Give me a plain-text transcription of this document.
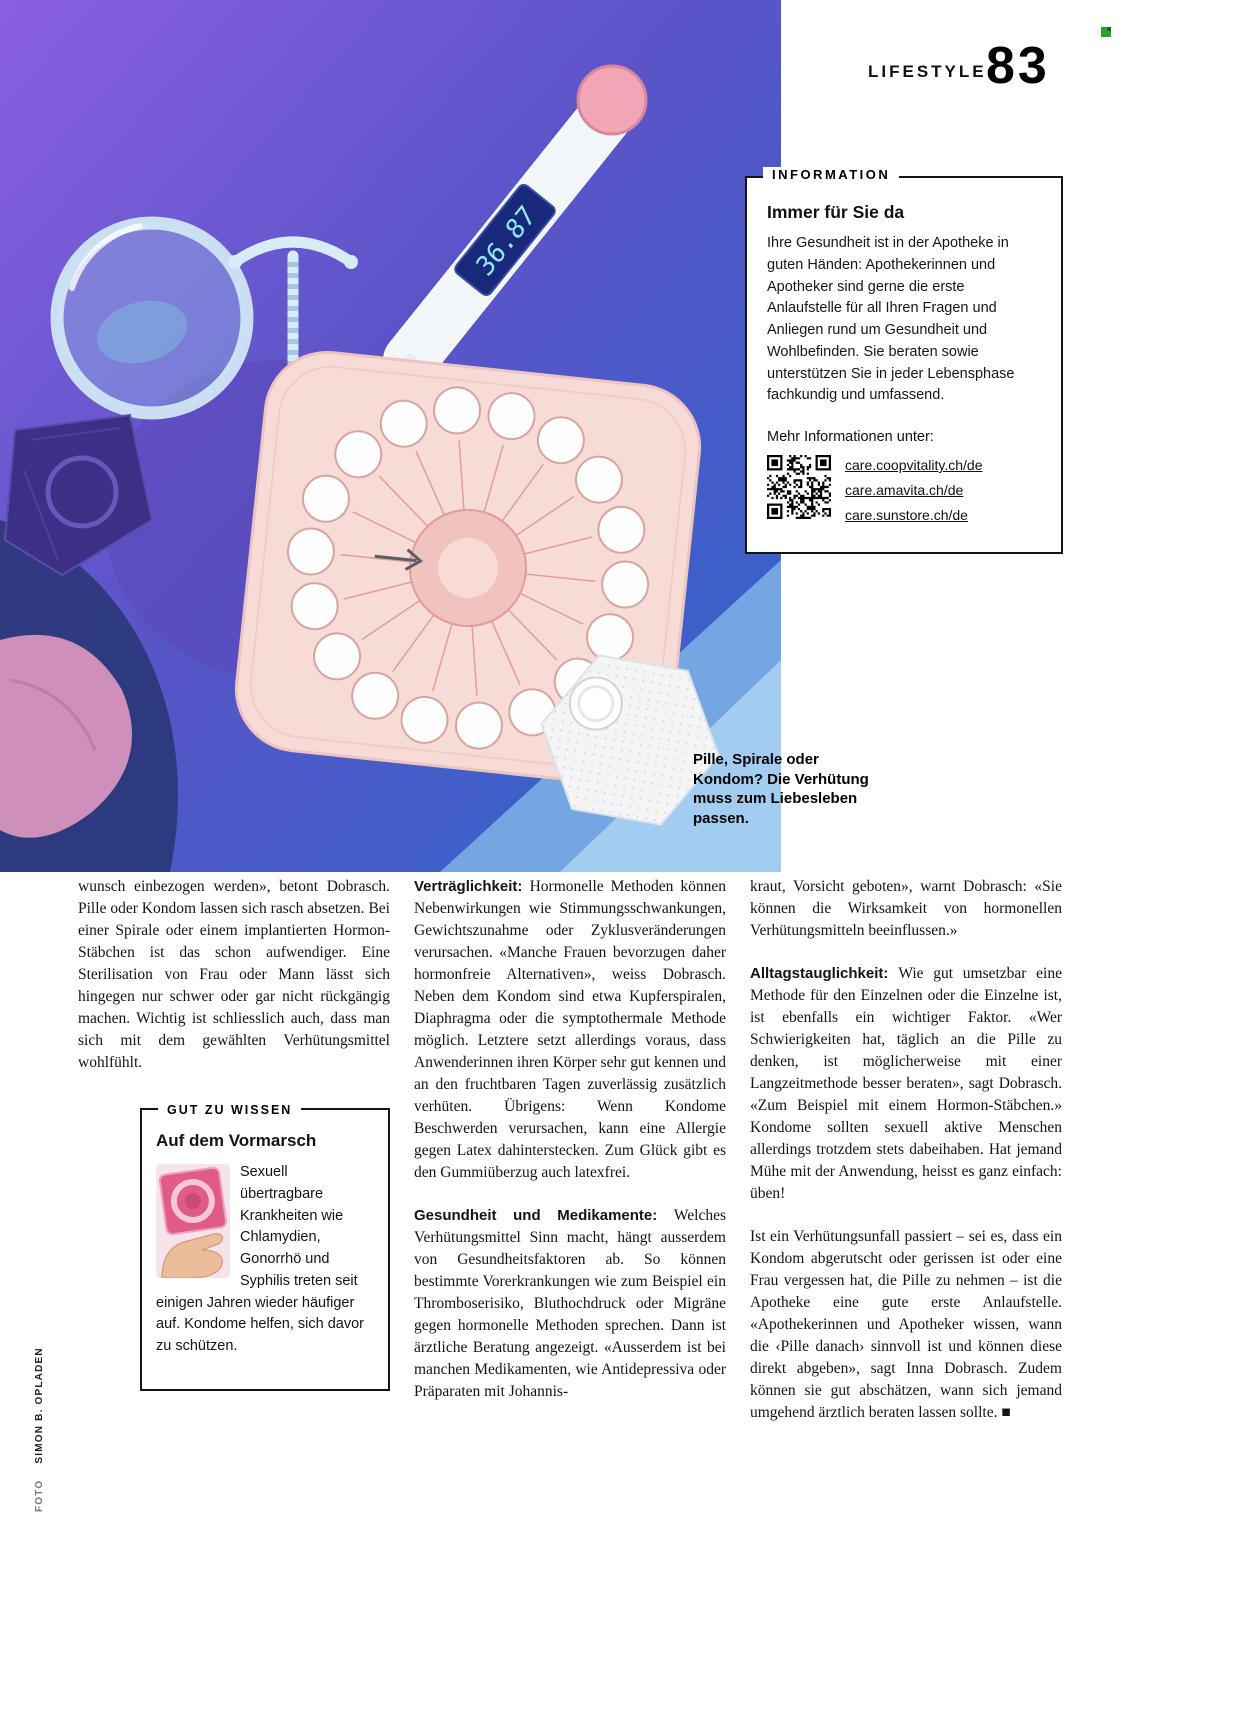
LIFESTYLE 83
36.87
Pille, Spirale oder Kondom? Die Verhütung muss zum Liebesleben passen.
INFORMATION
Immer für Sie da

Ihre Gesundheit ist in der Apotheke in guten Händen: Apothekerinnen und Apotheker sind gerne die erste Anlaufstelle für all Ihren Fragen und Anliegen rund um Gesundheit und Wohlbefinden. Sie beraten sowie unterstützen Sie in jeder Lebensphase fachkundig und umfassend.

Mehr Informationen unter:

care.coopvitality.ch/de
care.amavita.ch/de
care.sunstore.ch/de

wunsch einbezogen werden», betont Dobrasch. Pille oder Kondom lassen sich rasch absetzen. Bei einer Spirale oder einem implantierten Hormon-Stäbchen ist das schon aufwendiger. Eine Sterilisation von Frau oder Mann lässt sich hingegen nur schwer oder gar nicht rückgängig machen. Wichtig ist schliesslich auch, dass man sich mit dem gewählten Verhütungsmittel wohlfühlt.

GUT ZU WISSEN
Auf dem Vormarsch

Sexuell übertragbare Krankheiten wie Chlamydien, Gonorrhö und Syphilis treten seit einigen Jahren wieder häufiger auf. Kondome helfen, sich davor zu schützen.

Verträglichkeit: Hormonelle Methoden können Nebenwirkungen wie Stimmungsschwankungen, Gewichtszunahme oder Zyklusveränderungen verursachen. «Manche Frauen bevorzugen daher hormonfreie Alternativen», weiss Dobrasch. Neben dem Kondom sind etwa Kupferspiralen, Diaphragma oder die symptothermale Methode möglich. Letztere setzt allerdings voraus, dass Anwenderinnen ihren Körper sehr gut kennen und an den fruchtbaren Tagen zuverlässig zusätzlich verhüten. Übrigens: Wenn Kondome Beschwerden verursachen, kann eine Allergie gegen Latex dahinterstecken. Zum Glück gibt es den Gummiüberzug auch latexfrei.

Gesundheit und Medikamente: Welches Verhütungsmittel Sinn macht, hängt ausserdem von Gesundheitsfaktoren ab. So können bestimmte Vorerkrankungen wie zum Beispiel ein Thromboserisiko, Bluthochdruck oder Migräne gegen hormonelle Methoden sprechen. Dann ist ärztliche Beratung angezeigt. «Ausserdem ist bei manchen Medikamenten, wie Antidepressiva oder Präparaten mit Johannis-

kraut, Vorsicht geboten», warnt Dobrasch: «Sie können die Wirksamkeit von hormonellen Verhütungsmitteln beeinflussen.»

Alltagstauglichkeit: Wie gut umsetzbar eine Methode für den Einzelnen oder die Einzelne ist, ist ebenfalls ein wichtiger Faktor. «Wer Schwierigkeiten hat, täglich an die Pille zu denken, ist möglicherweise mit einer Langzeitmethode besser beraten», sagt Dobrasch. «Zum Beispiel mit einem Hormon-Stäbchen.» Kondome sollten sexuell aktive Menschen allerdings trotzdem stets dabeihaben. Hat jemand Mühe mit der Anwendung, heisst es ganz einfach: üben!

Ist ein Verhütungsunfall passiert – sei es, dass ein Kondom abgerutscht oder gerissen ist oder eine Frau vergessen hat, die Pille zu nehmen – ist die Apotheke eine gute erste Anlaufstelle. «Apothekerinnen und Apotheker wissen, wann die ‹Pille danach› sinnvoll ist und können diese direkt abgeben», sagt Inna Dobrasch. Zudem können sie gut abschätzen, wann sich jemand umgehend ärztlich beraten lassen sollte. ■

FOTO SIMON B. OPLADEN
